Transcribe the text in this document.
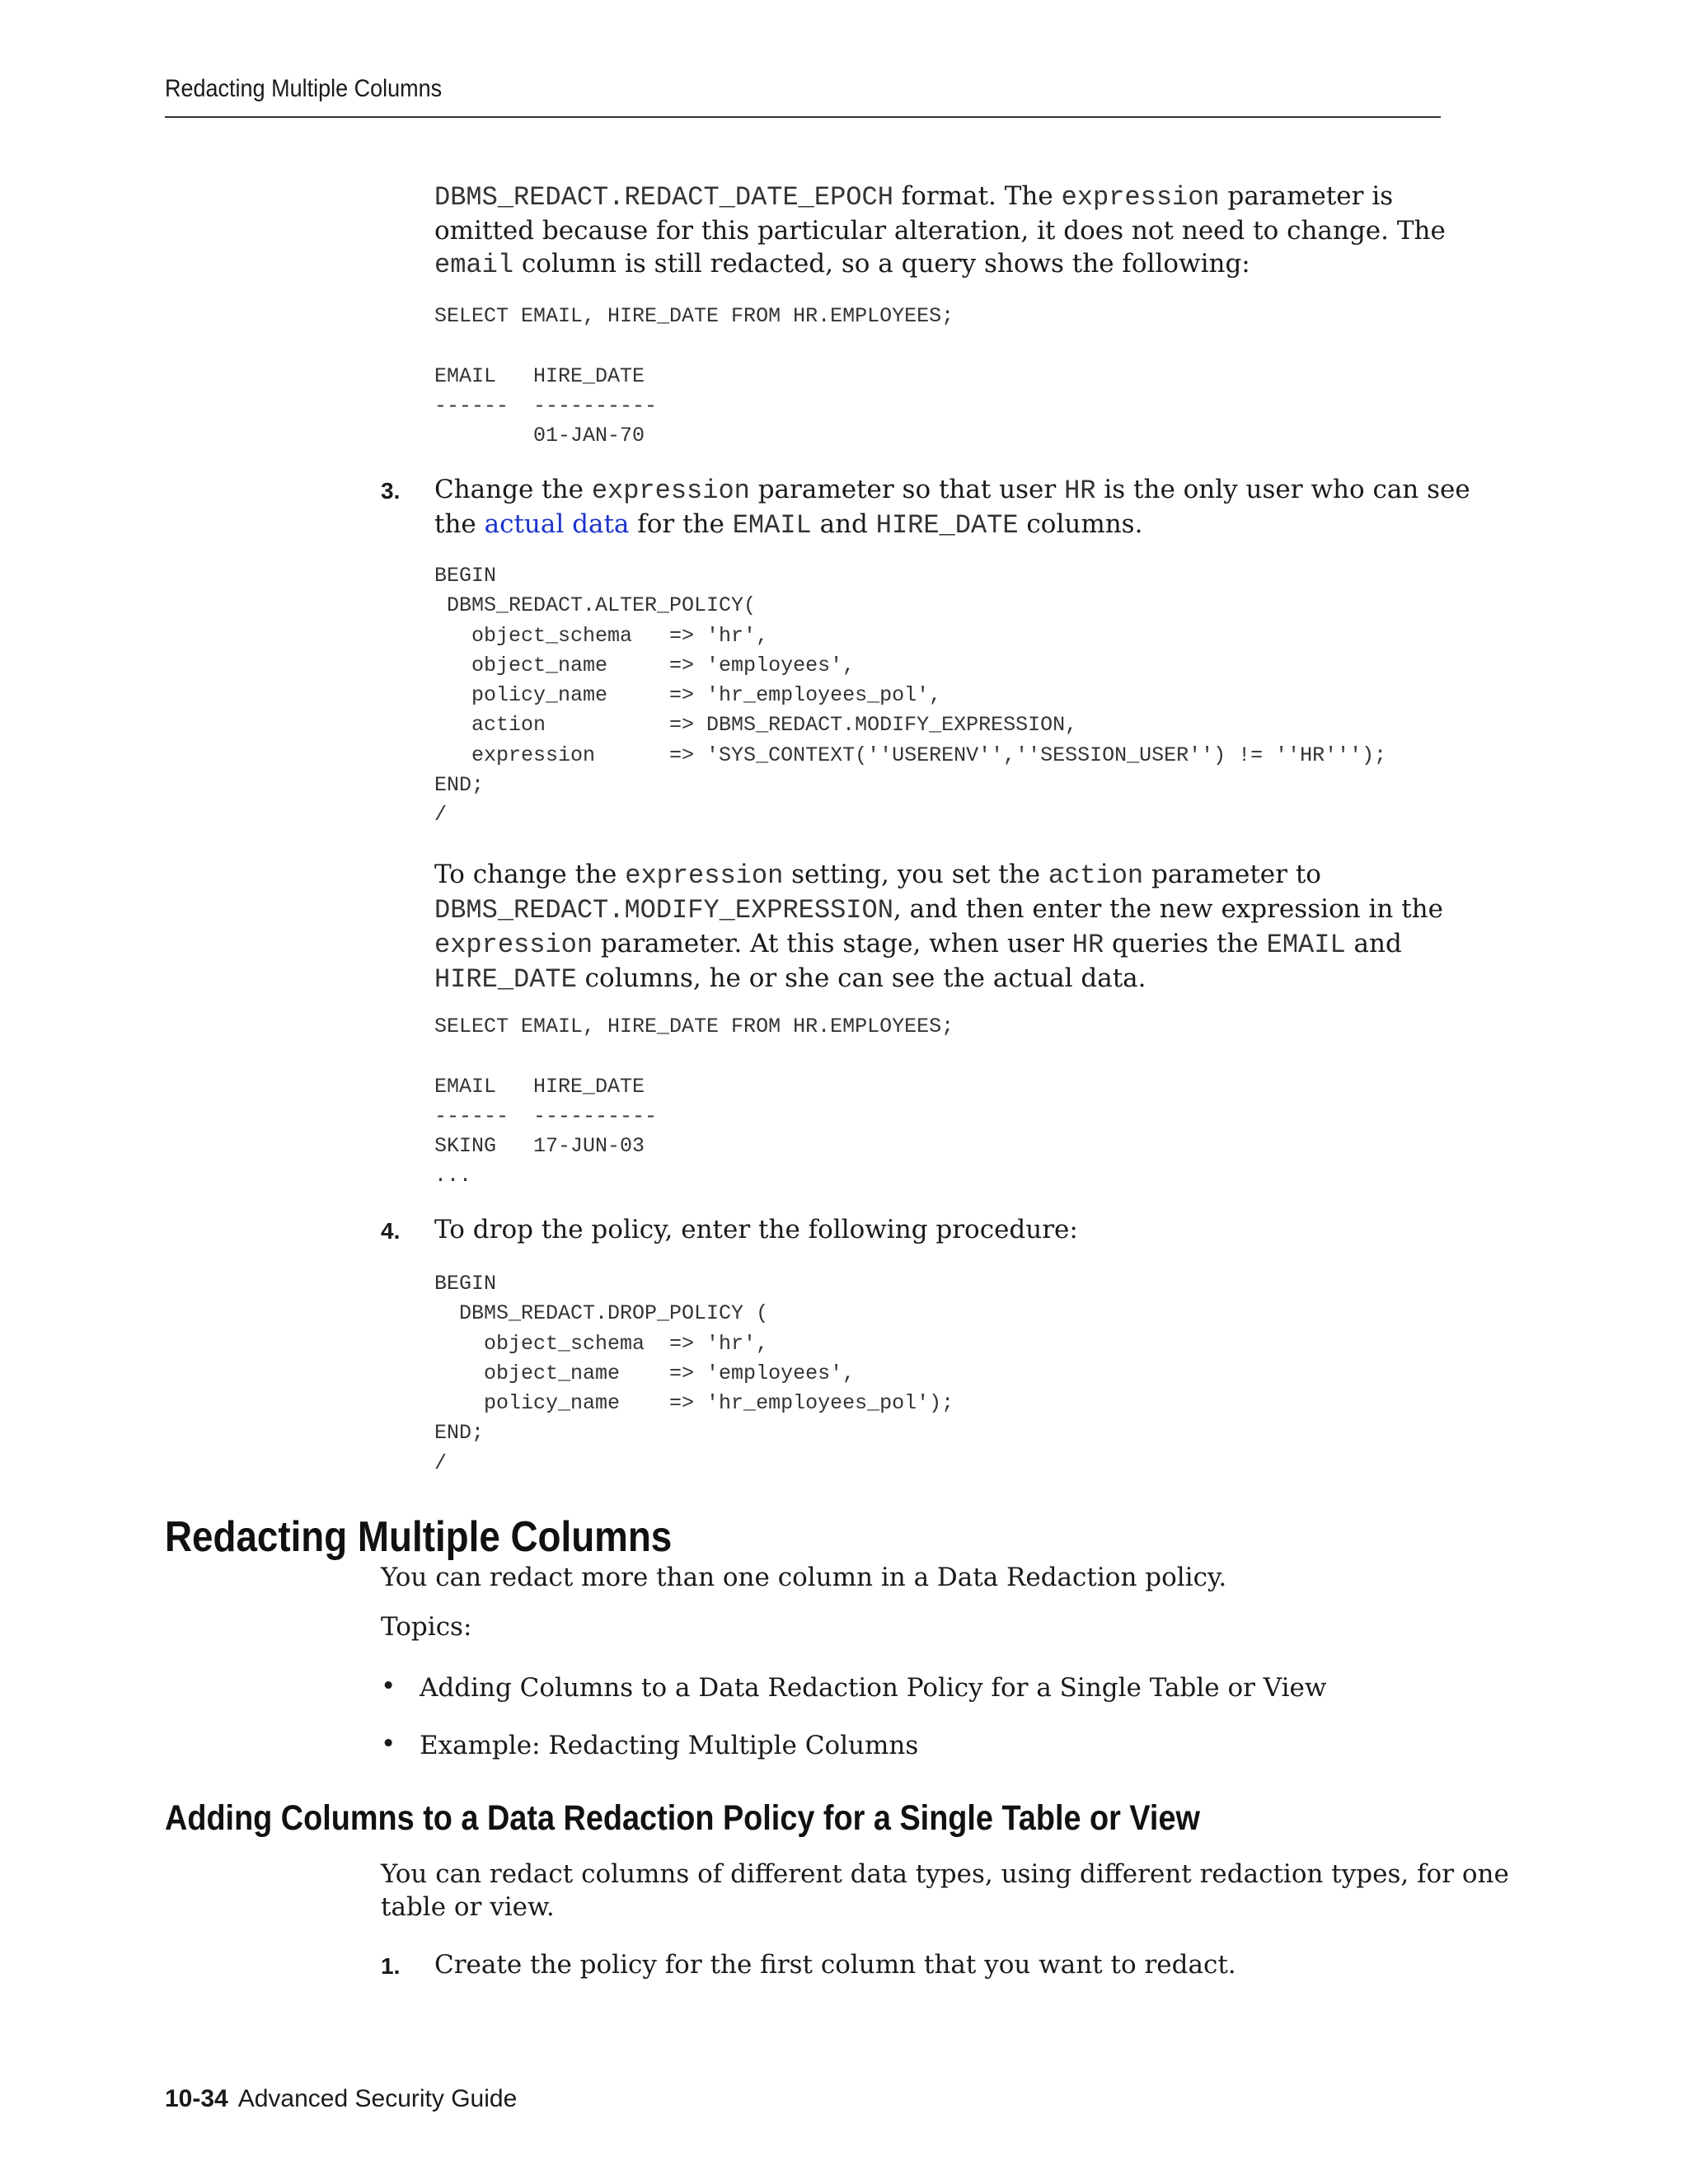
Redacting Multiple Columns
DBMS_REDACT.REDACT_DATE_EPOCH format. The expression parameter is
omitted because for this particular alteration, it does not need to change. The
email column is still redacted, so a query shows the following:
SELECT EMAIL, HIRE_DATE FROM HR.EMPLOYEES;

EMAIL   HIRE_DATE
------  ----------
01-JAN-70
3. Change the expression parameter so that user HR is the only user who can see
the actual data for the EMAIL and HIRE_DATE columns.
BEGIN
DBMS_REDACT.ALTER_POLICY(
object_schema   => 'hr',
object_name     => 'employees',
policy_name     => 'hr_employees_pol',
action          => DBMS_REDACT.MODIFY_EXPRESSION,
expression      => 'SYS_CONTEXT(''USERENV'',''SESSION_USER'') != ''HR''');
END;
/
To change the expression setting, you set the action parameter to
DBMS_REDACT.MODIFY_EXPRESSION, and then enter the new expression in the
expression parameter. At this stage, when user HR queries the EMAIL and
HIRE_DATE columns, he or she can see the actual data.
SELECT EMAIL, HIRE_DATE FROM HR.EMPLOYEES;

EMAIL   HIRE_DATE
------  ----------
SKING   17-JUN-03
...
4. To drop the policy, enter the following procedure:
BEGIN
DBMS_REDACT.DROP_POLICY (
object_schema  => 'hr',
object_name    => 'employees',
policy_name    => 'hr_employees_pol');
END;
/
Redacting Multiple Columns
You can redact more than one column in a Data Redaction policy.
Topics:
• Adding Columns to a Data Redaction Policy for a Single Table or View
• Example: Redacting Multiple Columns
Adding Columns to a Data Redaction Policy for a Single Table or View
You can redact columns of different data types, using different redaction types, for one
table or view.
1. Create the policy for the first column that you want to redact.
10-34 Advanced Security Guide
